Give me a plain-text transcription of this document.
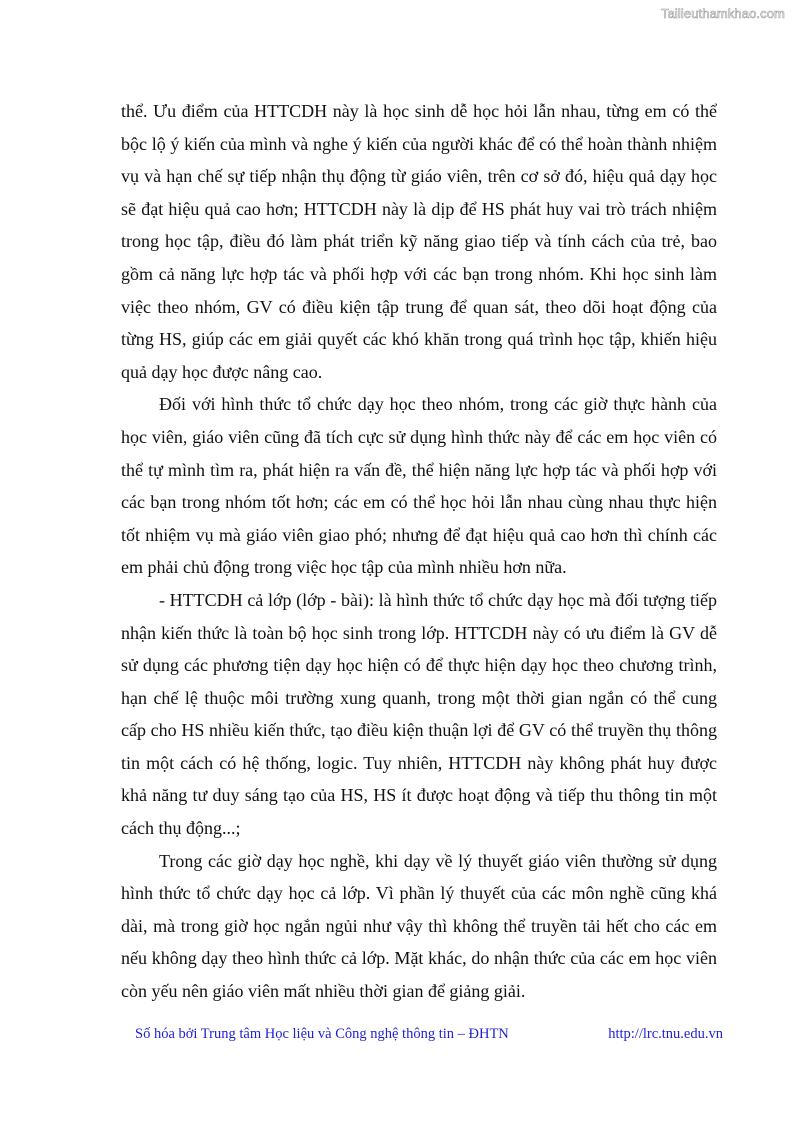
Tailieuthamkhao.com

thể. Ưu điểm của HTTCDH này là học sinh dễ học hỏi lẫn nhau, từng em có thể bộc lộ ý kiến của mình và nghe ý kiến của người khác để có thể hoàn thành nhiệm vụ và hạn chế sự tiếp nhận thụ động từ giáo viên, trên cơ sở đó, hiệu quả dạy học sẽ đạt hiệu quả cao hơn; HTTCDH này là dịp để HS phát huy vai trò trách nhiệm trong học tập, điều đó làm phát triển kỹ năng giao tiếp và tính cách của trẻ, bao gồm cả năng lực hợp tác và phối hợp với các bạn trong nhóm. Khi học sinh làm việc theo nhóm, GV có điều kiện tập trung để quan sát, theo dõi hoạt động của từng HS, giúp các em giải quyết các khó khăn trong quá trình học tập, khiến hiệu quả dạy học được nâng cao.

Đối với hình thức tổ chức dạy học theo nhóm, trong các giờ thực hành của học viên, giáo viên cũng đã tích cực sử dụng hình thức này để các em học viên có thể tự mình tìm ra, phát hiện ra vấn đề, thể hiện năng lực hợp tác và phối hợp với các bạn trong nhóm tốt hơn; các em có thể học hỏi lẫn nhau cùng nhau thực hiện tốt nhiệm vụ mà giáo viên giao phó; nhưng để đạt hiệu quả cao hơn thì chính các em phải chủ động trong việc học tập của mình nhiều hơn nữa.

- HTTCDH cả lớp (lớp - bài): là hình thức tổ chức dạy học mà đối tượng tiếp nhận kiến thức là toàn bộ học sinh trong lớp. HTTCDH này có ưu điểm là GV dễ sử dụng các phương tiện dạy học hiện có để thực hiện dạy học theo chương trình, hạn chế lệ thuộc môi trường xung quanh, trong một thời gian ngắn có thể cung cấp cho HS nhiều kiến thức, tạo điều kiện thuận lợi để GV có thể truyền thụ thông tin một cách có hệ thống, logic. Tuy nhiên, HTTCDH này không phát huy được khả năng tư duy sáng tạo của HS, HS ít được hoạt động và tiếp thu thông tin một cách thụ động...;

Trong các giờ dạy học nghề, khi dạy về lý thuyết giáo viên thường sử dụng hình thức tổ chức dạy học cả lớp. Vì phần lý thuyết của các môn nghề cũng khá dài, mà trong giờ học ngắn ngủi như vậy thì không thể truyền tải hết cho các em nếu không dạy theo hình thức cả lớp. Mặt khác, do nhận thức của các em học viên còn yếu nên giáo viên mất nhiều thời gian để giảng giải.

Số hóa bởi Trung tâm Học liệu và Công nghệ thông tin – ĐHTN	http://lrc.tnu.edu.vn
